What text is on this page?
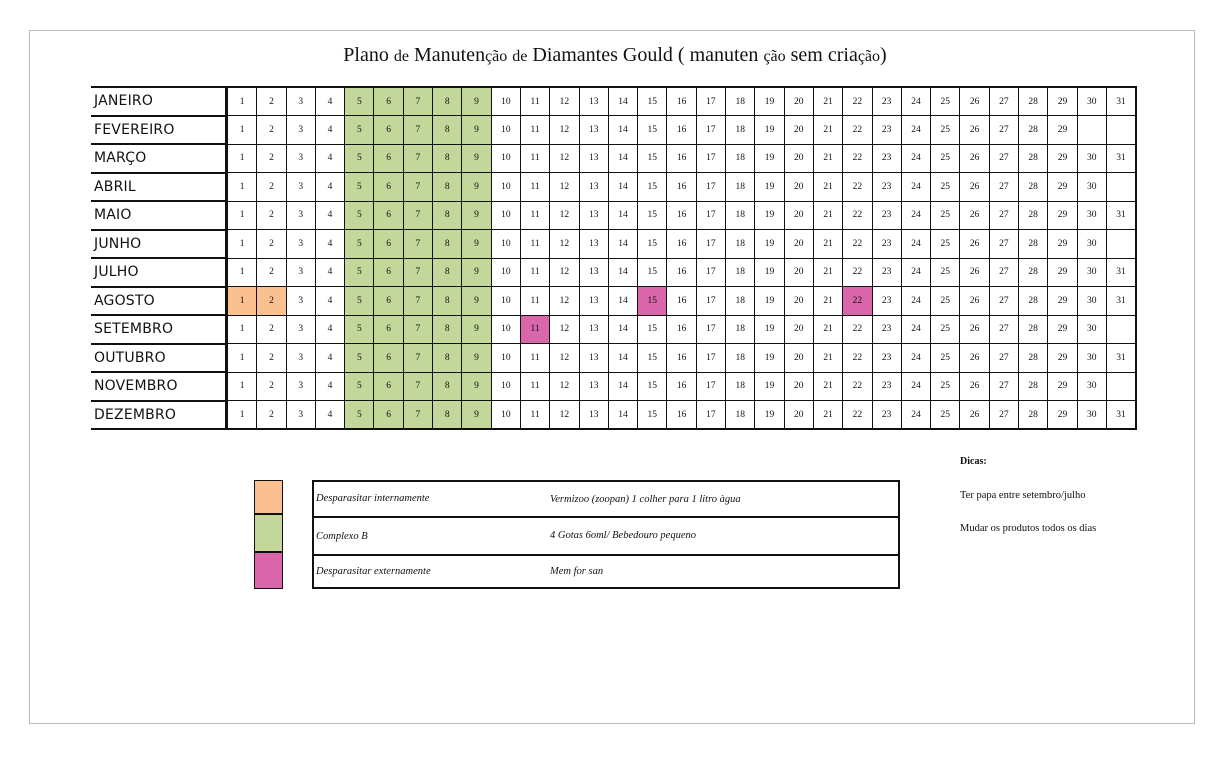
Plano de Manutenção de Diamantes Gould ( manuten ção sem criação)
JANEIRO	1	2	3	4	5	6	7	8	9	10	11	12	13	14	15	16	17	18	19	20	21	22	23	24	25	26	27	28	29	30	31
FEVEREIRO	1	2	3	4	5	6	7	8	9	10	11	12	13	14	15	16	17	18	19	20	21	22	23	24	25	26	27	28	29		
MARÇO	1	2	3	4	5	6	7	8	9	10	11	12	13	14	15	16	17	18	19	20	21	22	23	24	25	26	27	28	29	30	31
ABRIL	1	2	3	4	5	6	7	8	9	10	11	12	13	14	15	16	17	18	19	20	21	22	23	24	25	26	27	28	29	30	
MAIO	1	2	3	4	5	6	7	8	9	10	11	12	13	14	15	16	17	18	19	20	21	22	23	24	25	26	27	28	29	30	31
JUNHO	1	2	3	4	5	6	7	8	9	10	11	12	13	14	15	16	17	18	19	20	21	22	23	24	25	26	27	28	29	30	
JULHO	1	2	3	4	5	6	7	8	9	10	11	12	13	14	15	16	17	18	19	20	21	22	23	24	25	26	27	28	29	30	31
AGOSTO	1	2	3	4	5	6	7	8	9	10	11	12	13	14	15	16	17	18	19	20	21	22	23	24	25	26	27	28	29	30	31
SETEMBRO	1	2	3	4	5	6	7	8	9	10	11	12	13	14	15	16	17	18	19	20	21	22	23	24	25	26	27	28	29	30	
OUTUBRO	1	2	3	4	5	6	7	8	9	10	11	12	13	14	15	16	17	18	19	20	21	22	23	24	25	26	27	28	29	30	31
NOVEMBRO	1	2	3	4	5	6	7	8	9	10	11	12	13	14	15	16	17	18	19	20	21	22	23	24	25	26	27	28	29	30	
DEZEMBRO	1	2	3	4	5	6	7	8	9	10	11	12	13	14	15	16	17	18	19	20	21	22	23	24	25	26	27	28	29	30	31
Desparasitar internamente	Vermizoo (zoopan) 1 colher para 1 litro àgua
Complexo B	4 Gotas 6oml/ Bebedouro pequeno
Desparasitar externamente	Mem for san
Dicas:
Ter papa entre setembro/julho
Mudar os produtos todos os dias
